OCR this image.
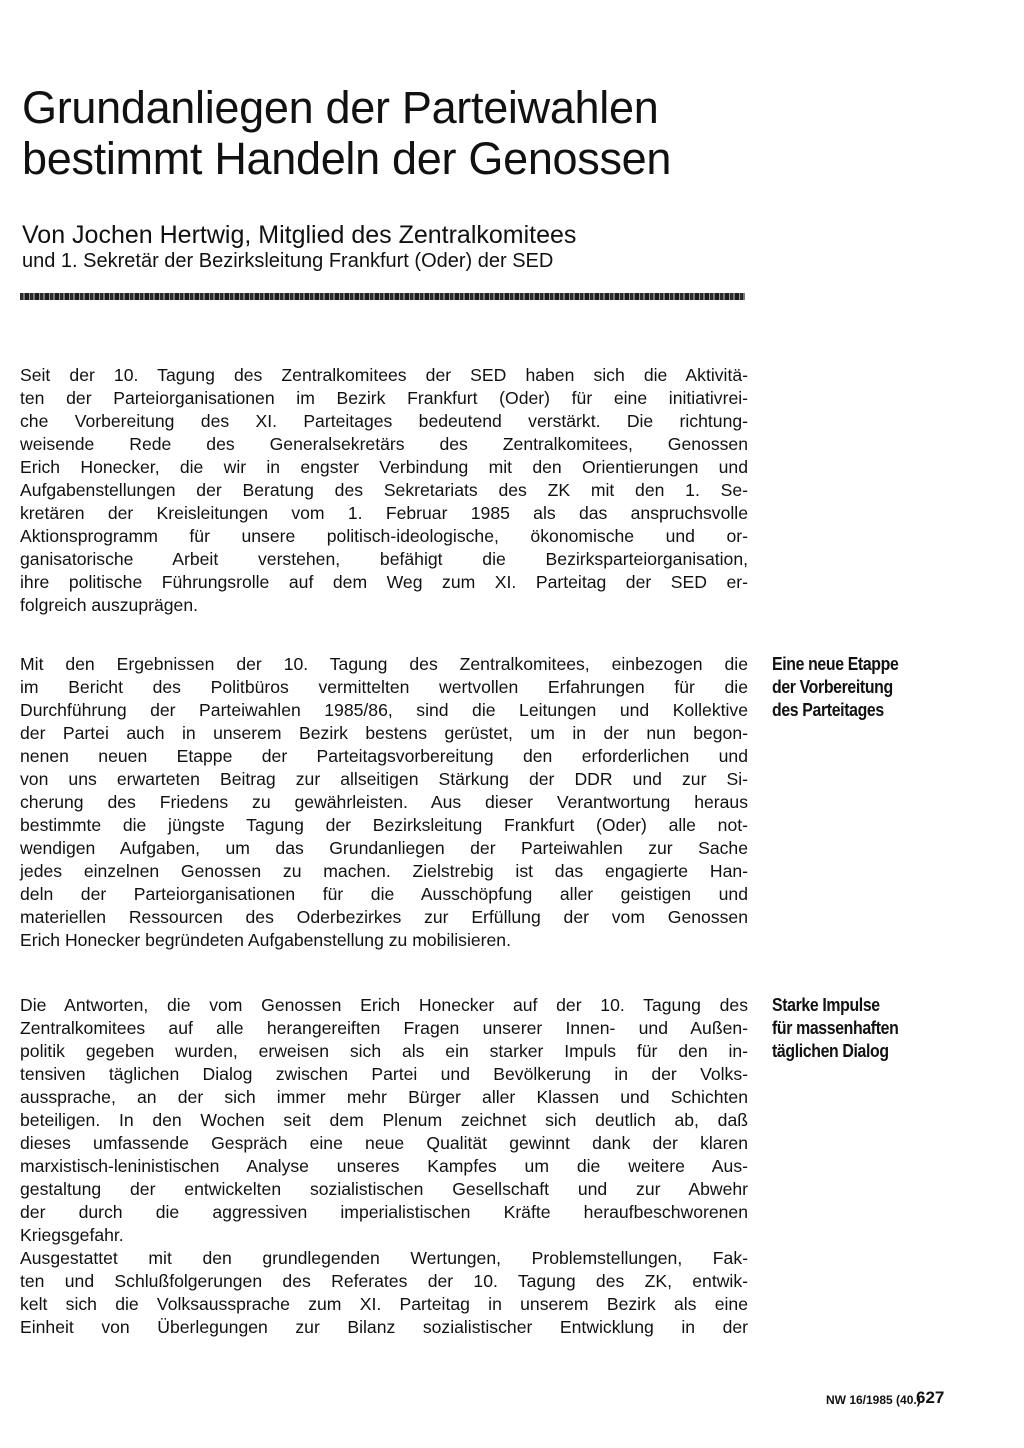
Grundanliegen der Parteiwahlen
bestimmt Handeln der Genossen
Von Jochen Hertwig, Mitglied des Zentralkomitees
und 1. Sekretär der Bezirksleitung Frankfurt (Oder) der SED
Seit der 10. Tagung des Zentralkomitees der SED haben sich die Aktivitä-
ten der Parteiorganisationen im Bezirk Frankfurt (Oder) für eine initiativrei-
che Vorbereitung des XI. Parteitages bedeutend verstärkt. Die richtung-
weisende Rede des Generalsekretärs des Zentralkomitees, Genossen
Erich Honecker, die wir in engster Verbindung mit den Orientierungen und
Aufgabenstellungen der Beratung des Sekretariats des ZK mit den 1. Se-
kretären der Kreisleitungen vom 1. Februar 1985 als das anspruchsvolle
Aktionsprogramm für unsere politisch-ideologische, ökonomische und or-
ganisatorische Arbeit verstehen, befähigt die Bezirksparteiorganisation,
ihre politische Führungsrolle auf dem Weg zum XI. Parteitag der SED er-
folgreich auszuprägen.
Eine neue Etappe
der Vorbereitung
des Parteitages
Mit den Ergebnissen der 10. Tagung des Zentralkomitees, einbezogen die
im Bericht des Politbüros vermittelten wertvollen Erfahrungen für die
Durchführung der Parteiwahlen 1985/86, sind die Leitungen und Kollektive
der Partei auch in unserem Bezirk bestens gerüstet, um in der nun begon-
nenen neuen Etappe der Parteitagsvorbereitung den erforderlichen und
von uns erwarteten Beitrag zur allseitigen Stärkung der DDR und zur Si-
cherung des Friedens zu gewährleisten. Aus dieser Verantwortung heraus
bestimmte die jüngste Tagung der Bezirksleitung Frankfurt (Oder) alle not-
wendigen Aufgaben, um das Grundanliegen der Parteiwahlen zur Sache
jedes einzelnen Genossen zu machen. Zielstrebig ist das engagierte Han-
deln der Parteiorganisationen für die Ausschöpfung aller geistigen und
materiellen Ressourcen des Oderbezirkes zur Erfüllung der vom Genossen
Erich Honecker begründeten Aufgabenstellung zu mobilisieren.
Starke Impulse
für massenhaften
täglichen Dialog
Die Antworten, die vom Genossen Erich Honecker auf der 10. Tagung des
Zentralkomitees auf alle herangereiften Fragen unserer Innen- und Außen-
politik gegeben wurden, erweisen sich als ein starker Impuls für den in-
tensiven täglichen Dialog zwischen Partei und Bevölkerung in der Volks-
aussprache, an der sich immer mehr Bürger aller Klassen und Schichten
beteiligen. In den Wochen seit dem Plenum zeichnet sich deutlich ab, daß
dieses umfassende Gespräch eine neue Qualität gewinnt dank der klaren
marxistisch-leninistischen Analyse unseres Kampfes um die weitere Aus-
gestaltung der entwickelten sozialistischen Gesellschaft und zur Abwehr
der durch die aggressiven imperialistischen Kräfte heraufbeschworenen
Kriegsgefahr.
Ausgestattet mit den grundlegenden Wertungen, Problemstellungen, Fak-
ten und Schlußfolgerungen des Referates der 10. Tagung des ZK, entwik-
kelt sich die Volksaussprache zum XI. Parteitag in unserem Bezirk als eine
Einheit von Überlegungen zur Bilanz sozialistischer Entwicklung in der
NW 16/1985 (40.)
627
